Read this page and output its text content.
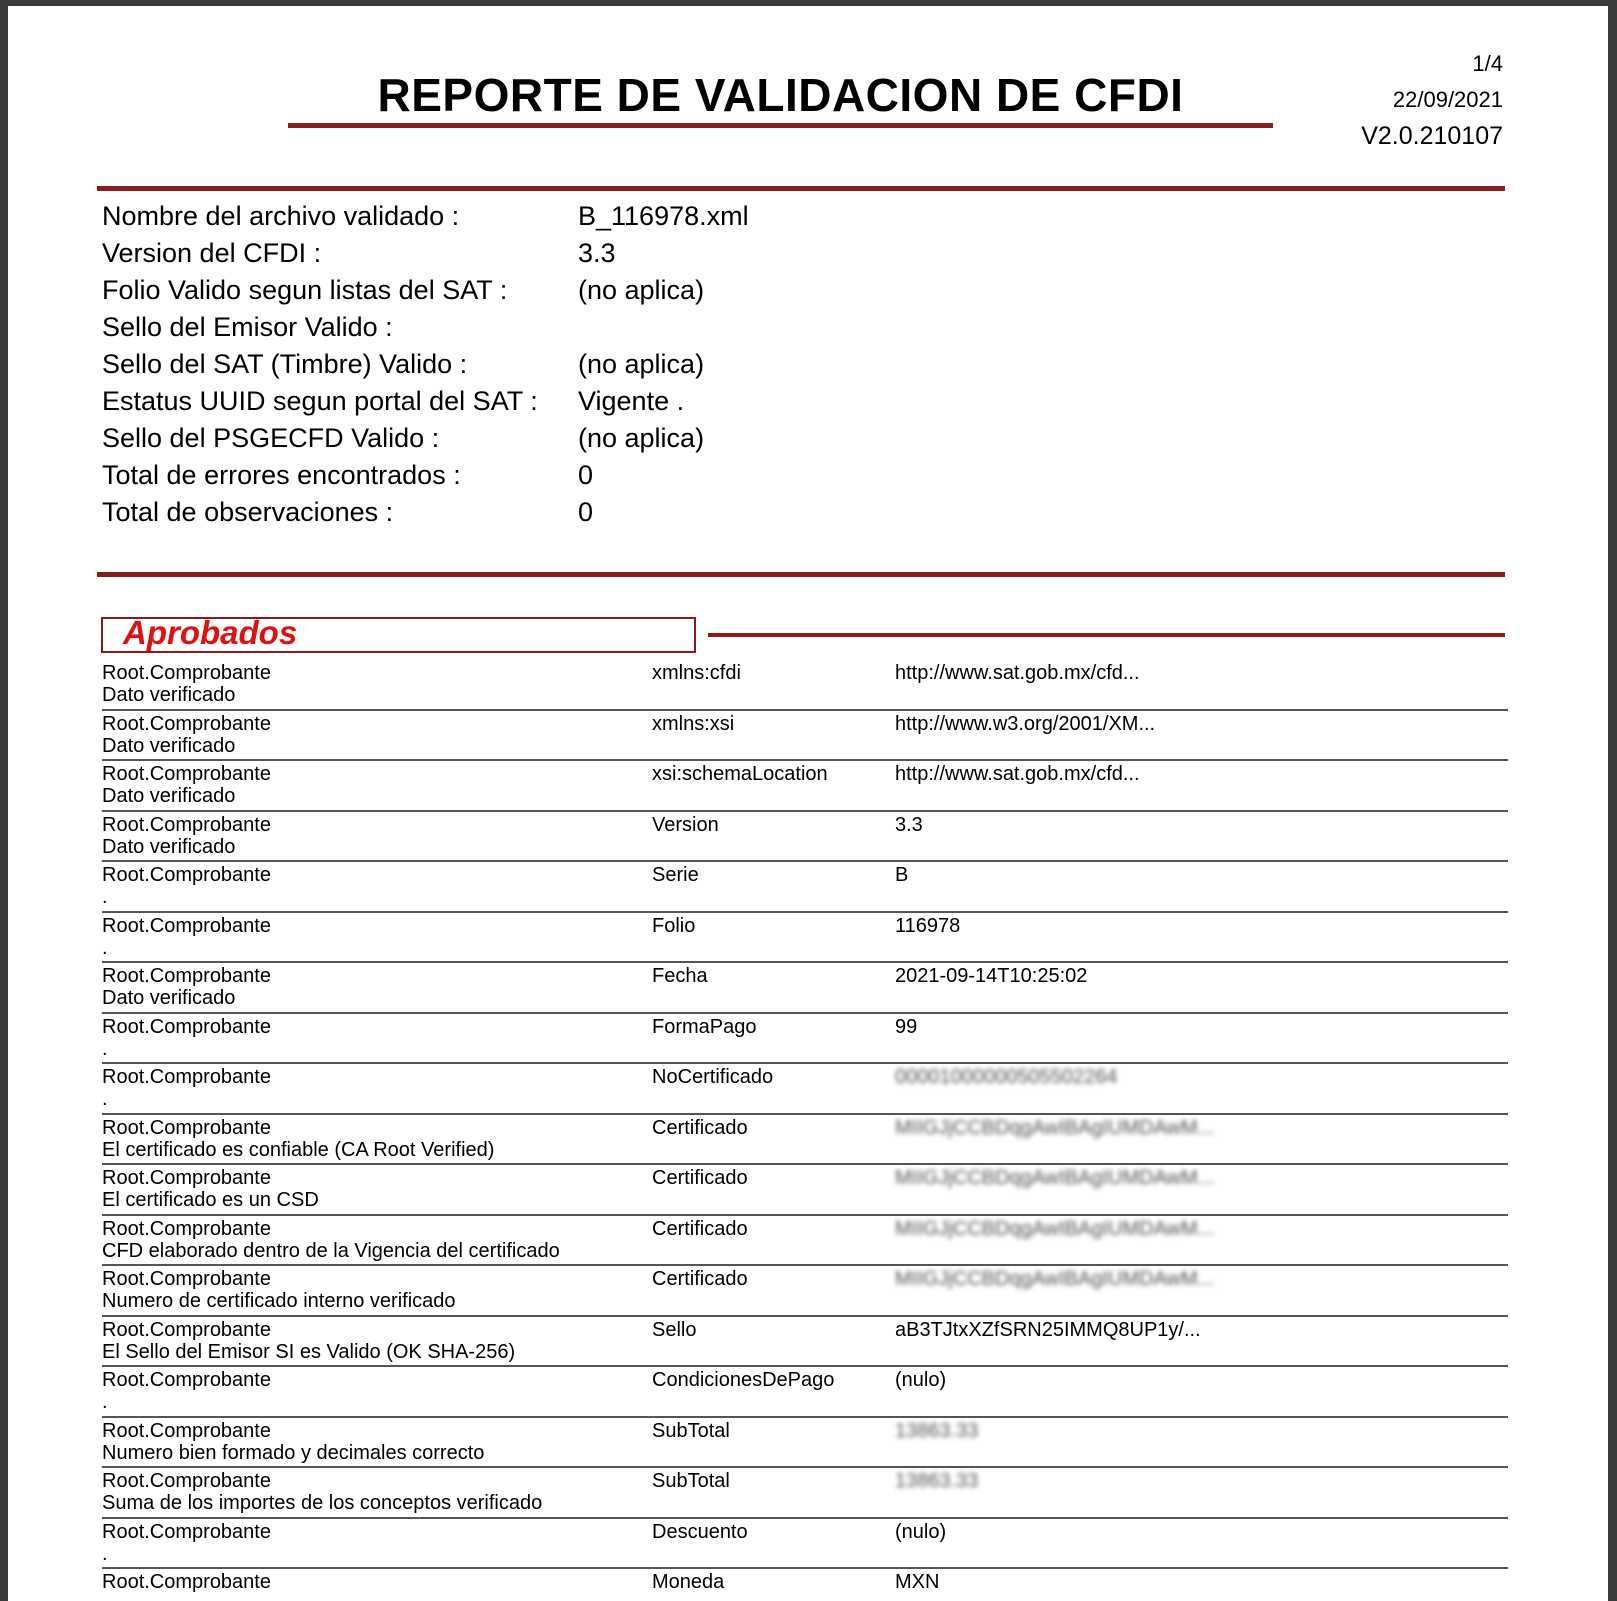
1/4
22/09/2021
V2.0.210107
REPORTE DE VALIDACION DE CFDI
Nombre del archivo validado :	B_116978.xml
Version del CFDI :	3.3
Folio Valido segun listas del SAT :	(no aplica)
Sello del Emisor Valido :
Sello del SAT (Timbre) Valido :	(no aplica)
Estatus UUID segun portal del SAT :	Vigente .
Sello del PSGECFD Valido :	(no aplica)
Total de errores encontrados :	0
Total de observaciones :	0
Aprobados
Root.Comprobante
Dato verificado
xmlns:cfdi	http://www.sat.gob.mx/cfd...
Root.Comprobante
Dato verificado
xmlns:xsi	http://www.w3.org/2001/XM...
Root.Comprobante
Dato verificado
xsi:schemaLocation	http://www.sat.gob.mx/cfd...
Root.Comprobante
Dato verificado
Version	3.3
Root.Comprobante
.
Serie	B
Root.Comprobante
.
Folio	116978
Root.Comprobante
Dato verificado
Fecha	2021-09-14T10:25:02
Root.Comprobante
.
FormaPago	99
Root.Comprobante
.
NoCertificado	00001000000505502264
Root.Comprobante
El certificado es confiable (CA Root Verified)
Certificado	MIIGJjCCBDqgAwIBAgIUMDAwM...
Root.Comprobante
El certificado es un CSD
Certificado	MIIGJjCCBDqgAwIBAgIUMDAwM...
Root.Comprobante
CFD elaborado dentro de la Vigencia del certificado
Certificado	MIIGJjCCBDqgAwIBAgIUMDAwM...
Root.Comprobante
Numero de certificado interno verificado
Certificado	MIIGJjCCBDqgAwIBAgIUMDAwM...
Root.Comprobante
El Sello del Emisor SI es Valido (OK SHA-256)
Sello	aB3TJtxXZfSRN25IMMQ8UP1y/...
Root.Comprobante
.
CondicionesDePago	(nulo)
Root.Comprobante
Numero bien formado y decimales correcto
SubTotal	13863.33
Root.Comprobante
Suma de los importes de los conceptos verificado
SubTotal	13863.33
Root.Comprobante
.
Descuento	(nulo)
Root.Comprobante	Moneda	MXN
